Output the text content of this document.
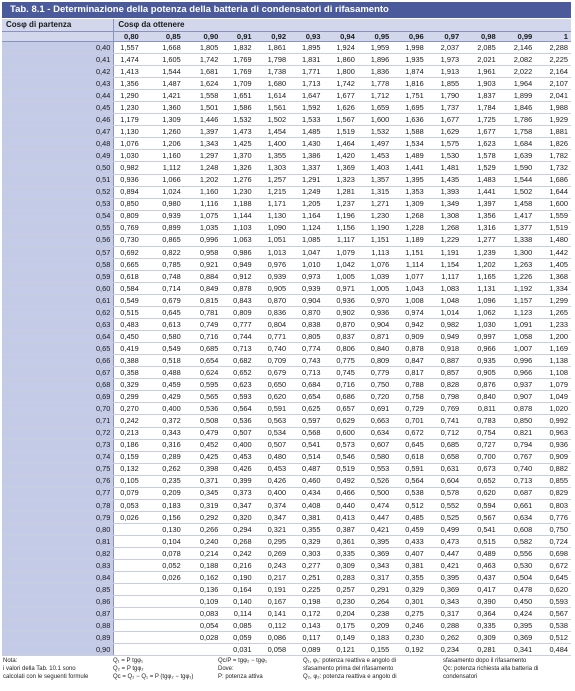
Tab. 8.1 - Determinazione della potenza della batteria di condensatori di rifasamento
Cosφ di partenza	Cosφ da ottenere												
	0,80	0,85	0,90	0,91	0,92	0,93	0,94	0,95	0,96	0,97	0,98	0,99	1
0,40	1,557	1,668	1,805	1,832	1,861	1,895	1,924	1,959	1,998	2,037	2,085	2,146	2,288
0,41	1,474	1,605	1,742	1,769	1,798	1,831	1,860	1,896	1,935	1,973	2,021	2,082	2,225
0,42	1,413	1,544	1,681	1,769	1,738	1,771	1,800	1,836	1,874	1,913	1,961	2,022	2,164
0,43	1,356	1,487	1,624	1,709	1,680	1,713	1,742	1,778	1,816	1,855	1,903	1,964	2,107
0,44	1,290	1,421	1,558	1,651	1,614	1,647	1,677	1,712	1,751	1,790	1,837	1,899	2,041
0,45	1,230	1,360	1,501	1,586	1,561	1,592	1,626	1,659	1,695	1,737	1,784	1,846	1,988
0,46	1,179	1,309	1,446	1,532	1,502	1,533	1,567	1,600	1,636	1,677	1,725	1,786	1,929
0,47	1,130	1,260	1,397	1,473	1,454	1,485	1,519	1,532	1,588	1,629	1,677	1,758	1,881
0,48	1,076	1,206	1,343	1,425	1,400	1,430	1,464	1,497	1,534	1,575	1,623	1,684	1,826
0,49	1,030	1,160	1,297	1,370	1,355	1,386	1,420	1,453	1,489	1,530	1,578	1,639	1,782
0,50	0,982	1,112	1,248	1,326	1,303	1,337	1,369	1,403	1,441	1,481	1,529	1,590	1,732
0,51	0,936	1,066	1,202	1,276	1,257	1,291	1,323	1,357	1,395	1,435	1,483	1,544	1,686
0,52	0,894	1,024	1,160	1,230	1,215	1,249	1,281	1,315	1,353	1,393	1,441	1,502	1,644
0,53	0,850	0,980	1,116	1,188	1,171	1,205	1,237	1,271	1,309	1,349	1,397	1,458	1,600
0,54	0,809	0,939	1,075	1,144	1,130	1,164	1,196	1,230	1,268	1,308	1,356	1,417	1,559
0,55	0,769	0,899	1,035	1,103	1,090	1,124	1,156	1,190	1,228	1,268	1,316	1,377	1,519
0,56	0,730	0,865	0,996	1,063	1,051	1,085	1,117	1,151	1,189	1,229	1,277	1,338	1,480
0,57	0,692	0,822	0,958	0,986	1,013	1,047	1,079	1,113	1,151	1,191	1,239	1,300	1,442
0,58	0,665	0,785	0,921	0,949	0,976	1,010	1,042	1,076	1,114	1,154	1,202	1,263	1,405
0,59	0,618	0,748	0,884	0,912	0,939	0,973	1,005	1,039	1,077	1,117	1,165	1,226	1,368
0,60	0,584	0,714	0,849	0,878	0,905	0,939	0,971	1,005	1,043	1,083	1,131	1,192	1,334
0,61	0,549	0,679	0,815	0,843	0,870	0,904	0,936	0,970	1,008	1,048	1,096	1,157	1,299
0,62	0,515	0,645	0,781	0,809	0,836	0,870	0,902	0,936	0,974	1,014	1,062	1,123	1,265
0,63	0,483	0,613	0,749	0,777	0,804	0,838	0,870	0,904	0,942	0,982	1,030	1,091	1,233
0,64	0,450	0,580	0,716	0,744	0,771	0,805	0,837	0,871	0,909	0,949	0,997	1,058	1,200
0,65	0,419	0,549	0,685	0,713	0,740	0,774	0,806	0,840	0,878	0,918	0,966	1,007	1,169
0,66	0,388	0,518	0,654	0,682	0,709	0,743	0,775	0,809	0,847	0,887	0,935	0,996	1,138
0,67	0,358	0,488	0,624	0,652	0,679	0,713	0,745	0,779	0,817	0,857	0,905	0,966	1,108
0,68	0,329	0,459	0,595	0,623	0,650	0,684	0,716	0,750	0,788	0,828	0,876	0,937	1,079
0,69	0,299	0,429	0,565	0,593	0,620	0,654	0,686	0,720	0,758	0,798	0,840	0,907	1,049
0,70	0,270	0,400	0,536	0,564	0,591	0,625	0,657	0,691	0,729	0,769	0,811	0,878	1,020
0,71	0,242	0,372	0,508	0,536	0,563	0,597	0,629	0,663	0,701	0,741	0,783	0,850	0,992
0,72	0,213	0,343	0,479	0,507	0,534	0,568	0,600	0,634	0,672	0,712	0,754	0,821	0,963
0,73	0,186	0,316	0,452	0,400	0,507	0,541	0,573	0,607	0,645	0,685	0,727	0,794	0,936
0,74	0,159	0,289	0,425	0,453	0,480	0,514	0,546	0,580	0,618	0,658	0,700	0,767	0,909
0,75	0,132	0,262	0,398	0,426	0,453	0,487	0,519	0,553	0,591	0,631	0,673	0,740	0,882
0,76	0,105	0,235	0,371	0,399	0,426	0,460	0,492	0,526	0,564	0,604	0,652	0,713	0,855
0,77	0,079	0,209	0,345	0,373	0,400	0,434	0,466	0,500	0,538	0,578	0,620	0,687	0,829
0,78	0,053	0,183	0,319	0,347	0,374	0,408	0,440	0,474	0,512	0,552	0,594	0,661	0,803
0,79	0,026	0,156	0,292	0,320	0,347	0,381	0,413	0,447	0,485	0,525	0,567	0,634	0,776
0,80		0,130	0,266	0,294	0,321	0,355	0,387	0,421	0,459	0,499	0,541	0,608	0,750
0,81		0,104	0,240	0,268	0,295	0,329	0,361	0,395	0,433	0,473	0,515	0,582	0,724
0,82		0,078	0,214	0,242	0,269	0,303	0,335	0,369	0,407	0,447	0,489	0,556	0,698
0,83		0,052	0,188	0,216	0,243	0,277	0,309	0,343	0,381	0,421	0,463	0,530	0,672
0,84		0,026	0,162	0,190	0,217	0,251	0,283	0,317	0,355	0,395	0,437	0,504	0,645
0,85			0,136	0,164	0,191	0,225	0,257	0,291	0,329	0,369	0,417	0,478	0,620
0,86			0,109	0,140	0,167	0,198	0,230	0,264	0,301	0,343	0,390	0,450	0,593
0,87			0,083	0,114	0,141	0,172	0,204	0,238	0,275	0,317	0,364	0,424	0,567
0,88			0,054	0,085	0,112	0,143	0,175	0,209	0,246	0,288	0,335	0,395	0,538
0,89			0,028	0,059	0,086	0,117	0,149	0,183	0,230	0,262	0,309	0,369	0,512
0,90				0,031	0,058	0,089	0,121	0,155	0,192	0,234	0,281	0,341	0,484
Nota:
i valori della Tab. 10.1 sono
calcolati con le seguenti formule
Q₁ = P tgφ₁
Q₂ = P tgφ₂
Qᴄ = Q₂ − Q₁ = P (tgφ₂ − tgφ₁)
Qᴄ/P = tgφ₂ − tgφ₁
Dove:
P: potenza attiva
Q₁, φ₁: potenza reattiva e angolo di
sfasamento prima del rifasamento
Q₂, φ₂: potenza reattiva e angolo di
sfasamento dopo il rifasamento
Qᴄ: potenza richiesta alla batteria di
condensatori
